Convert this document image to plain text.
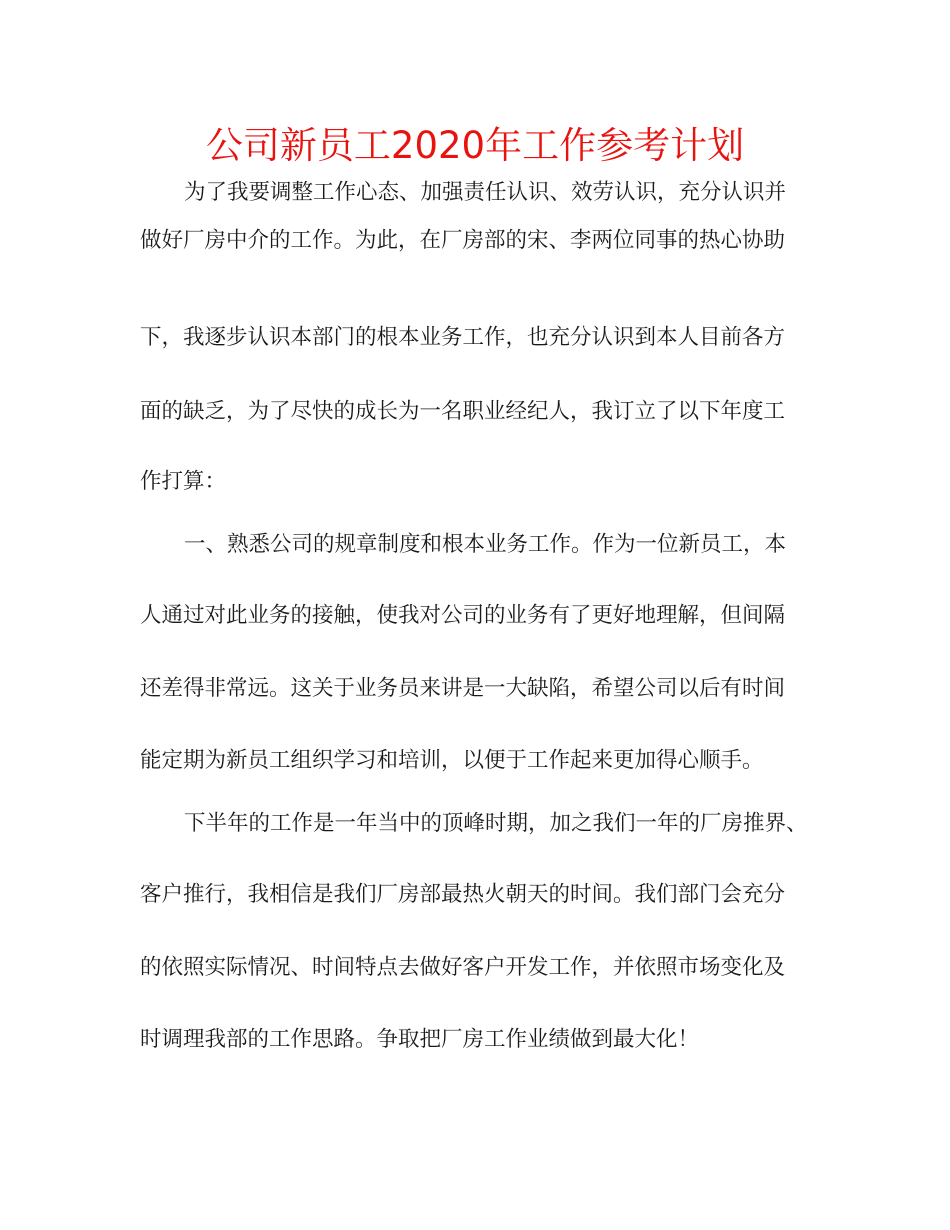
公司新员工2020年工作参考计划

为了我要调整工作心态、加强责任认识、效劳认识，充分认识并

做好厂房中介的工作。为此，在厂房部的宋、李两位同事的热心协助

下，我逐步认识本部门的根本业务工作，也充分认识到本人目前各方

面的缺乏，为了尽快的成长为一名职业经纪人，我订立了以下年度工

作打算：

一、熟悉公司的规章制度和根本业务工作。作为一位新员工，本

人通过对此业务的接触，使我对公司的业务有了更好地理解，但间隔

还差得非常远。这关于业务员来讲是一大缺陷，希望公司以后有时间

能定期为新员工组织学习和培训，以便于工作起来更加得心顺手。

下半年的工作是一年当中的顶峰时期，加之我们一年的厂房推界、

客户推行，我相信是我们厂房部最热火朝天的时间。我们部门会充分

的依照实际情况、时间特点去做好客户开发工作，并依照市场变化及

时调理我部的工作思路。争取把厂房工作业绩做到最大化！
